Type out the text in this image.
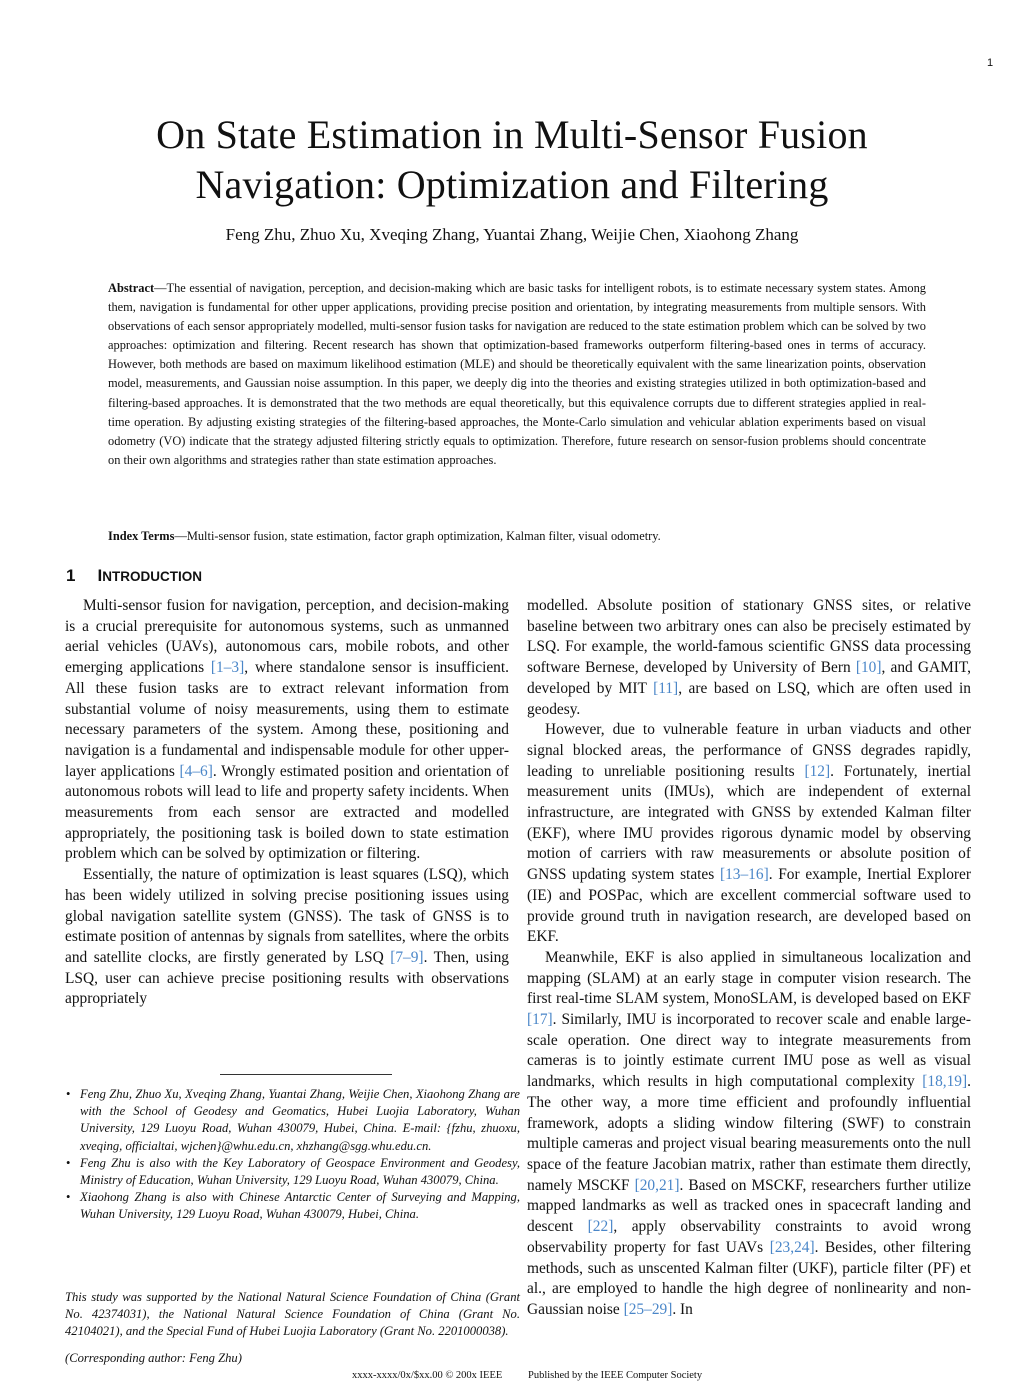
1
On State Estimation in Multi-Sensor Fusion
Navigation: Optimization and Filtering
Feng Zhu, Zhuo Xu, Xveqing Zhang, Yuantai Zhang, Weijie Chen, Xiaohong Zhang

Abstract—The essential of navigation, perception, and decision-making which are basic tasks for intelligent robots, is to estimate necessary system states. Among them, navigation is fundamental for other upper applications, providing precise position and orientation, by integrating measurements from multiple sensors. With observations of each sensor appropriately modelled, multi-sensor fusion tasks for navigation are reduced to the state estimation problem which can be solved by two approaches: optimization and filtering. Recent research has shown that optimization-based frameworks outperform filtering-based ones in terms of accuracy. However, both methods are based on maximum likelihood estimation (MLE) and should be theoretically equivalent with the same linearization points, observation model, measurements, and Gaussian noise assumption. In this paper, we deeply dig into the theories and existing strategies utilized in both optimization-based and filtering-based approaches. It is demonstrated that the two methods are equal theoretically, but this equivalence corrupts due to different strategies applied in real-time operation. By adjusting existing strategies of the filtering-based approaches, the Monte-Carlo simulation and vehicular ablation experiments based on visual odometry (VO) indicate that the strategy adjusted filtering strictly equals to optimization. Therefore, future research on sensor-fusion problems should concentrate on their own algorithms and strategies rather than state estimation approaches.

Index Terms—Multi-sensor fusion, state estimation, factor graph optimization, Kalman filter, visual odometry.

1 INTRODUCTION

Multi-sensor fusion for navigation, perception, and decision-making is a crucial prerequisite for autonomous systems, such as unmanned aerial vehicles (UAVs), autonomous cars, mobile robots, and other emerging applications [1–3], where standalone sensor is insufficient. All these fusion tasks are to extract relevant information from substantial volume of noisy measurements, using them to estimate necessary parameters of the system. Among these, positioning and navigation is a fundamental and indispensable module for other upper-layer applications [4–6]. Wrongly estimated position and orientation of autonomous robots will lead to life and property safety incidents. When measurements from each sensor are extracted and modelled appropriately, the positioning task is boiled down to state estimation problem which can be solved by optimization or filtering.

Essentially, the nature of optimization is least squares (LSQ), which has been widely utilized in solving precise positioning issues using global navigation satellite system (GNSS). The task of GNSS is to estimate position of antennas by signals from satellites, where the orbits and satellite clocks, are firstly generated by LSQ [7–9]. Then, using LSQ, user can achieve precise positioning results with observations appropriately

modelled. Absolute position of stationary GNSS sites, or relative baseline between two arbitrary ones can also be precisely estimated by LSQ. For example, the world-famous scientific GNSS data processing software Bernese, developed by University of Bern [10], and GAMIT, developed by MIT [11], are based on LSQ, which are often used in geodesy.

However, due to vulnerable feature in urban viaducts and other signal blocked areas, the performance of GNSS degrades rapidly, leading to unreliable positioning results [12]. Fortunately, inertial measurement units (IMUs), which are independent of external infrastructure, are integrated with GNSS by extended Kalman filter (EKF), where IMU provides rigorous dynamic model by observing motion of carriers with raw measurements or absolute position of GNSS updating system states [13–16]. For example, Inertial Explorer (IE) and POSPac, which are excellent commercial software used to provide ground truth in navigation research, are developed based on EKF.

Meanwhile, EKF is also applied in simultaneous localization and mapping (SLAM) at an early stage in computer vision research. The first real-time SLAM system, MonoSLAM, is developed based on EKF [17]. Similarly, IMU is incorporated to recover scale and enable large-scale operation. One direct way to integrate measurements from cameras is to jointly estimate current IMU pose as well as visual landmarks, which results in high computational complexity [18,19]. The other way, a more time efficient and profoundly influential framework, adopts a sliding window filtering (SWF) to constrain multiple cameras and project visual bearing measurements onto the null space of the feature Jacobian matrix, rather than estimate them directly, namely MSCKF [20,21]. Based on MSCKF, researchers further utilize mapped landmarks as well as tracked ones in spacecraft landing and descent [22], apply observability constraints to avoid wrong observability property for fast UAVs [23,24]. Besides, other filtering methods, such as unscented Kalman filter (UKF), particle filter (PF) et al., are employed to handle the high degree of nonlinearity and non-Gaussian noise [25–29]. In

• Feng Zhu, Zhuo Xu, Xveqing Zhang, Yuantai Zhang, Weijie Chen, Xiaohong Zhang are with the School of Geodesy and Geomatics, Hubei Luojia Laboratory, Wuhan University, 129 Luoyu Road, Wuhan 430079, Hubei, China. E-mail: {fzhu, zhuoxu, xveqing, officialtai, wjchen}@whu.edu.cn, xhzhang@sgg.whu.edu.cn.
• Feng Zhu is also with the Key Laboratory of Geospace Environment and Geodesy, Ministry of Education, Wuhan University, 129 Luoyu Road, Wuhan 430079, China.
• Xiaohong Zhang is also with Chinese Antarctic Center of Surveying and Mapping, Wuhan University, 129 Luoyu Road, Wuhan 430079, Hubei, China.

This study was supported by the National Natural Science Foundation of China (Grant No. 42374031), the National Natural Science Foundation of China (Grant No. 42104021), and the Special Fund of Hubei Luojia Laboratory (Grant No. 2201000038).

(Corresponding author: Feng Zhu)

xxxx-xxxx/0x/$xx.00 © 200x IEEE Published by the IEEE Computer Society
